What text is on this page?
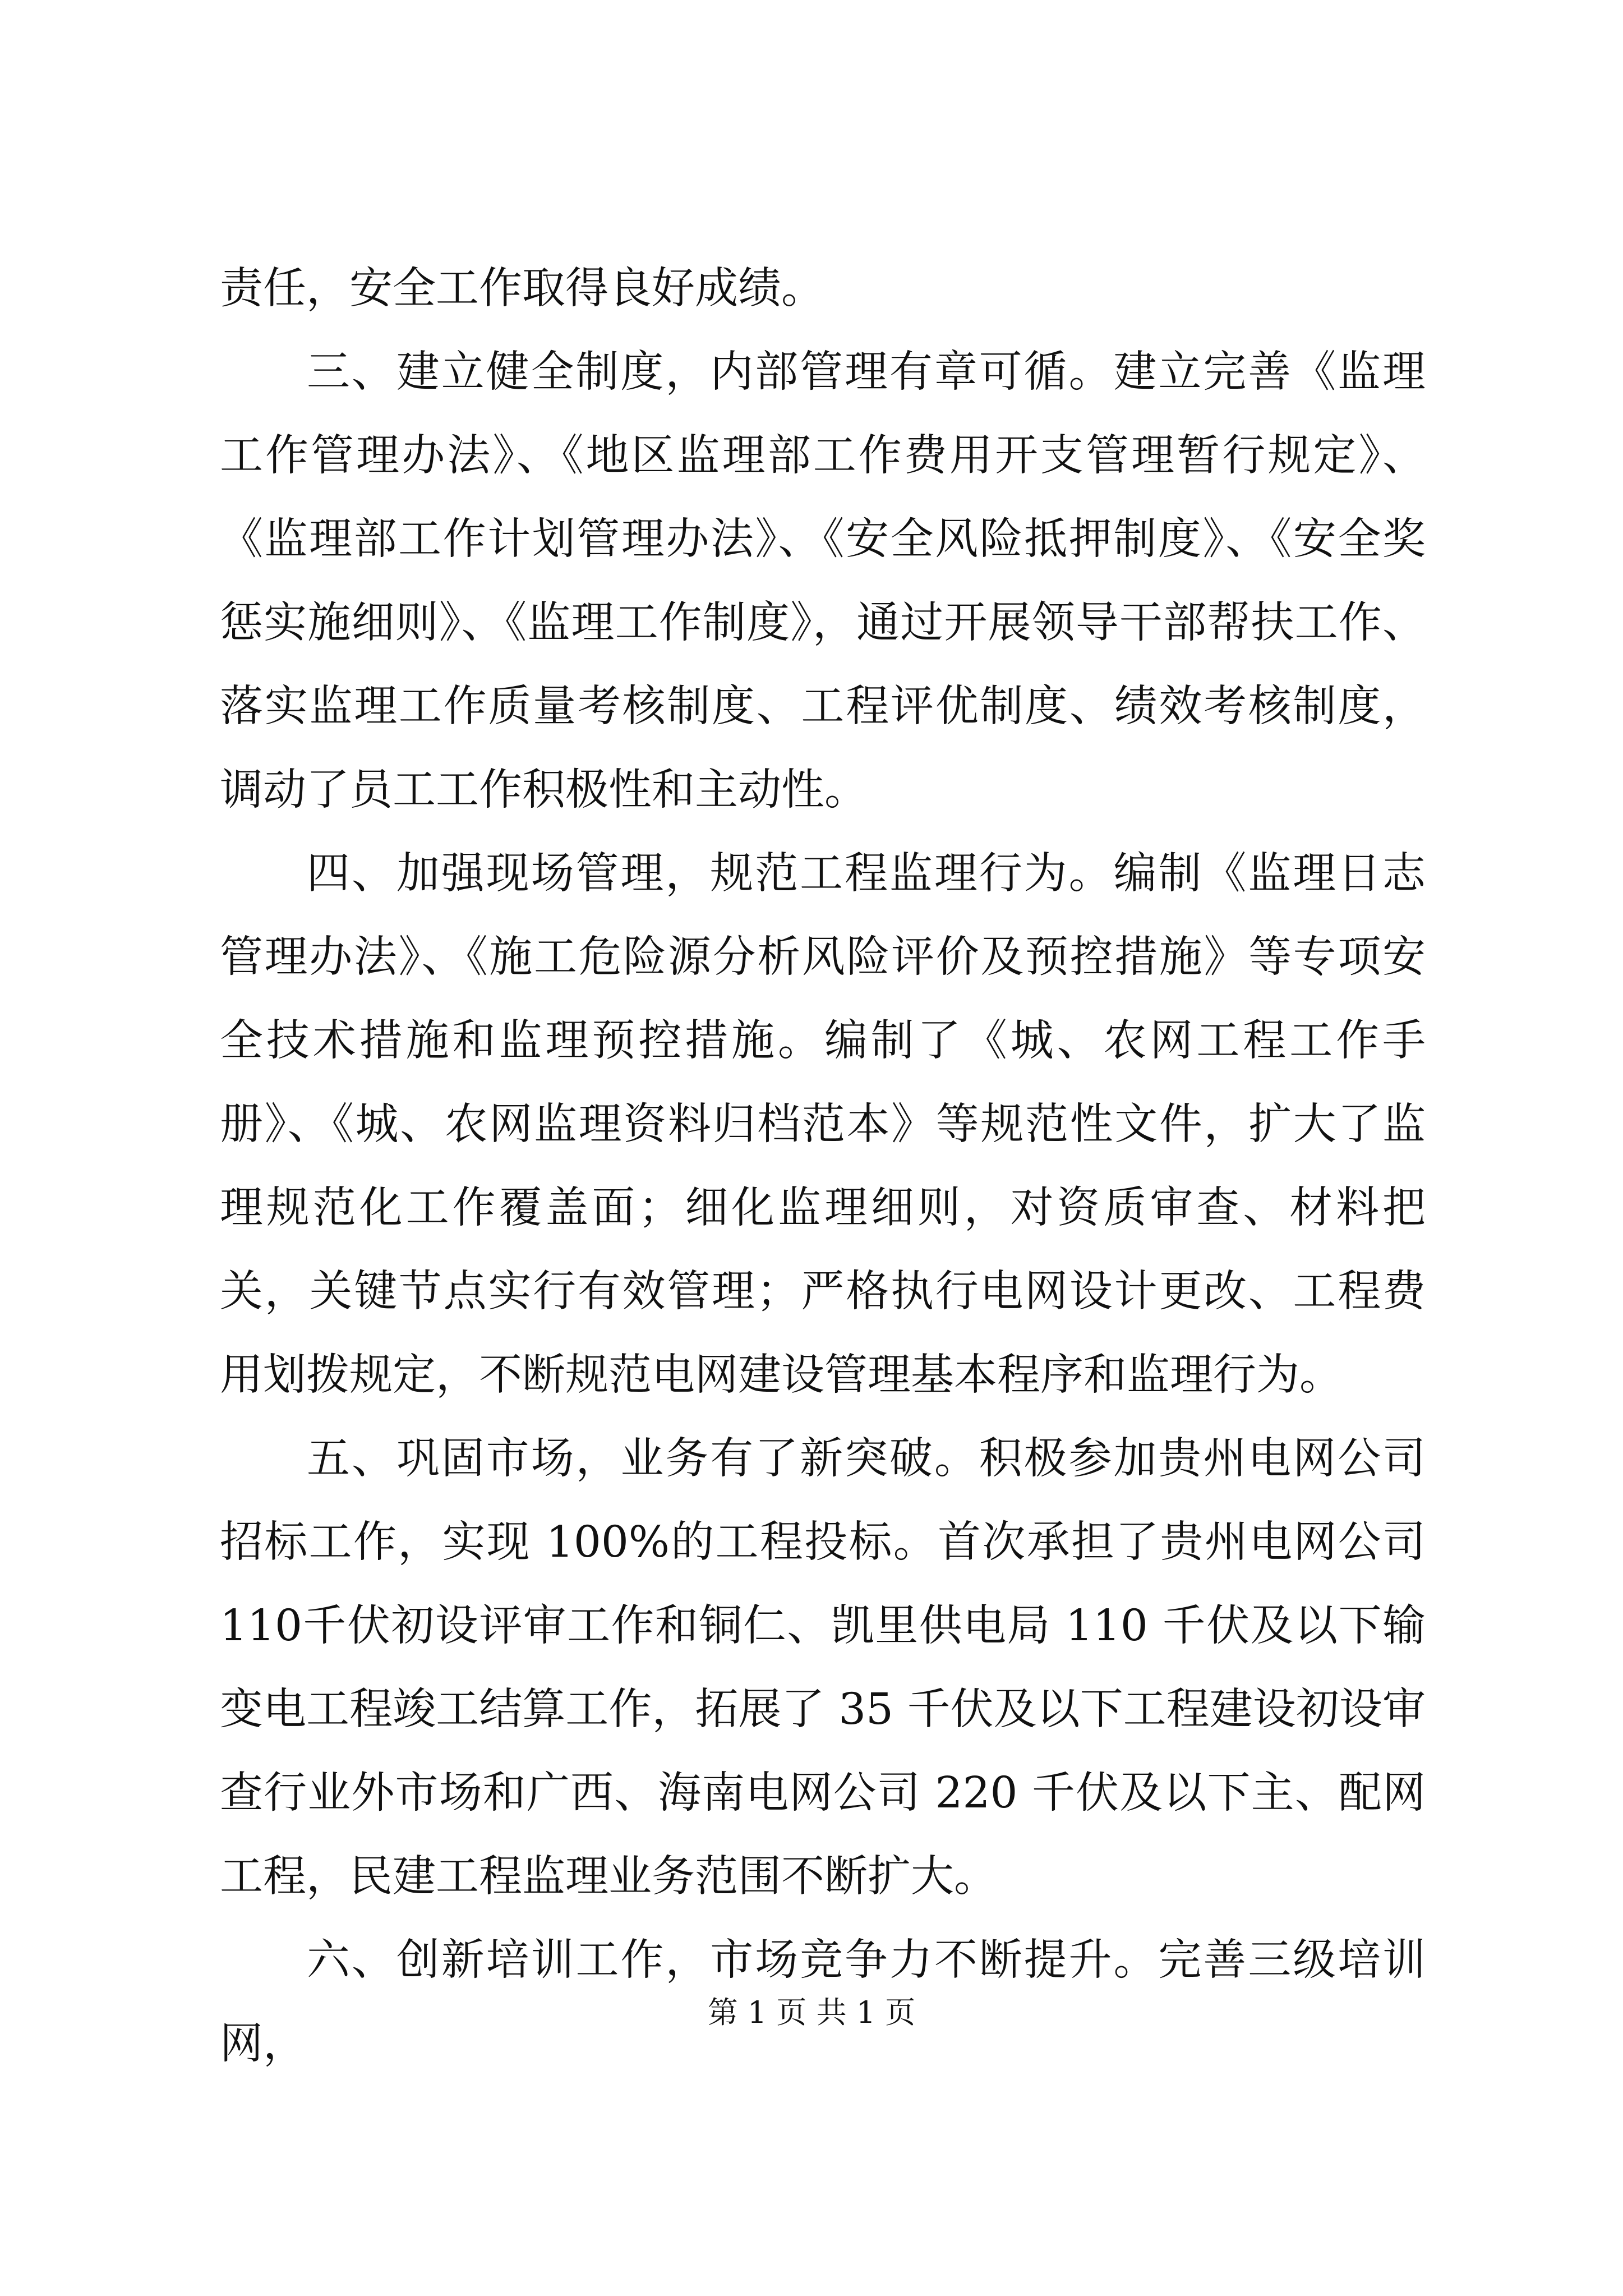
责任，安全工作取得良好成绩。

三、建立健全制度，内部管理有章可循。建立完善《监理工作管理办法》、《地区监理部工作费用开支管理暂行规定》、《监理部工作计划管理办法》、《安全风险抵押制度》、《安全奖惩实施细则》、《监理工作制度》，通过开展领导干部帮扶工作、落实监理工作质量考核制度、工程评优制度、绩效考核制度，调动了员工工作积极性和主动性。

四、加强现场管理，规范工程监理行为。编制《监理日志管理办法》、《施工危险源分析风险评价及预控措施》等专项安全技术措施和监理预控措施。编制了《城、农网工程工作手册》、《城、农网监理资料归档范本》等规范性文件，扩大了监理规范化工作覆盖面；细化监理细则，对资质审查、材料把关，关键节点实行有效管理；严格执行电网设计更改、工程费用划拨规定，不断规范电网建设管理基本程序和监理行为。

五、巩固市场，业务有了新突破。积极参加贵州电网公司招标工作，实现 100%的工程投标。首次承担了贵州电网公司 110千伏初设评审工作和铜仁、凯里供电局 110 千伏及以下输变电工程竣工结算工作，拓展了 35 千伏及以下工程建设初设审查行业外市场和广西、海南电网公司 220 千伏及以下主、配网工程，民建工程监理业务范围不断扩大。

六、创新培训工作，市场竞争力不断提升。完善三级培训网，

第 1 页 共 1 页
